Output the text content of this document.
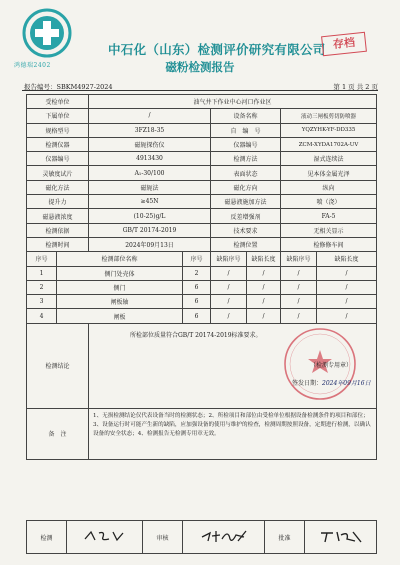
鸿德瑞2402
中石化（山东）检测评价研究有限公司 存档
磁粉检测报告
报告编号：SBKM4927-2024	第 1 页 共 2 页
受检单位		油气井下作业中心河口作业区					
下属单位		/		设备名称		液动三闸板剪切防喷器	
规格型号		3FZ18-35		自　编　号		YQZYHK-YF-DD335	
检测仪器		磁轭探伤仪		仪器编号		ZCM-XYDA1702A-UV	
仪器编号		4913430		检测方法		湿式连续法	
灵敏度试片		A₁-30/100		表面状态		见本体金属光泽	
磁化方法		磁轭法		磁化方向		纵向	
提升力		≥45N		磁悬液施加方法		喷（浇）	
磁悬液浓度		(10-25)g/L		反差增强剂		FA-5	
检测依据		GB/T 20174-2019		技术要求		无相关显示	
检测时间		2024年09月13日		检测位置		检修修车间	
序号	检测部位名称		序号	缺陷序号	缺陷长度	缺陷序号	缺陷长度
1	侧门处壳体		2	/	/	/	/
2	侧门		6	/	/	/	/
3	闸板轴		6	/	/	/	/
4	闸板		6	/	/	/	/
检测结论		所检部位质量符合GB/T 20174-2019标准要求。
（检测专用章）
签发日期：2024年09月16日					

备　注		1、无损检测结论仅代表设备当时的检测状态；2、所检项目和部位由受检单位根据设备检测条件的项目和部位；3、设备运行时可能产生新的缺陷，应加强设备的使用与维护的检查，检测周期按照设备，定期进行检测，以确认设备的安全状态；4、检测报告无检测专用章无效。					
检测		审核		批准	
